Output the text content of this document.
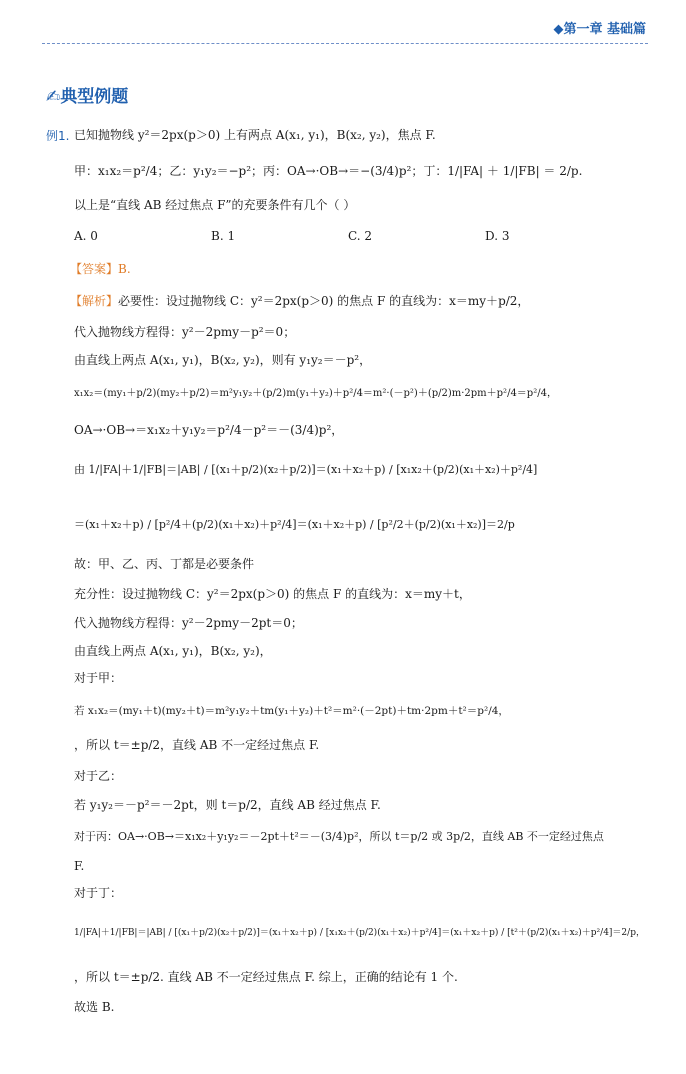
◆第一章 基础篇
✍典型例题
例1. 已知抛物线 y²＝2px(p＞0) 上有两点 A(x₁, y₁)，B(x₂, y₂)，焦点 F.
甲：x₁x₂＝p²/4；乙：y₁y₂＝−p²；丙：OA→·OB→＝−(3/4)p²；丁：1/|FA| ＋ 1/|FB| ＝ 2/p.
以上是“直线 AB 经过焦点 F”的充要条件有几个（ ）
A. 0	B. 1	C. 2	D. 3
【答案】B.
【解析】必要性：设过抛物线 C：y²＝2px(p＞0) 的焦点 F 的直线为：x＝my＋p/2，
代入抛物线方程得：y²－2pmy－p²＝0；
由直线上两点 A(x₁, y₁)，B(x₂, y₂)，则有 y₁y₂＝－p²，
x₁x₂＝(my₁＋p/2)(my₂＋p/2)＝m²y₁y₂＋(p/2)m(y₁＋y₂)＋p²/4＝m²·(－p²)＋(p/2)m·2pm＋p²/4＝p²/4，
OA→·OB→＝x₁x₂＋y₁y₂＝p²/4－p²＝－(3/4)p²，
由 1/|FA|＋1/|FB|＝|AB| / [(x₁＋p/2)(x₂＋p/2)]＝(x₁＋x₂＋p) / [x₁x₂＋(p/2)(x₁＋x₂)＋p²/4]
＝(x₁＋x₂＋p) / [p²/4＋(p/2)(x₁＋x₂)＋p²/4]＝(x₁＋x₂＋p) / [p²/2＋(p/2)(x₁＋x₂)]＝2/p
故：甲、乙、丙、丁都是必要条件
充分性：设过抛物线 C：y²＝2px(p＞0) 的焦点 F 的直线为：x＝my＋t，
代入抛物线方程得：y²－2pmy－2pt＝0；
由直线上两点 A(x₁, y₁)，B(x₂, y₂)，
对于甲：
若 x₁x₂＝(my₁＋t)(my₂＋t)＝m²y₁y₂＋tm(y₁＋y₂)＋t²＝m²·(－2pt)＋tm·2pm＋t²＝p²/4，
，所以 t＝±p/2，直线 AB 不一定经过焦点 F.
对于乙：
若 y₁y₂＝－p²＝－2pt，则 t＝p/2，直线 AB 经过焦点 F.
对于丙：OA→·OB→＝x₁x₂＋y₁y₂＝－2pt＋t²＝－(3/4)p²，所以 t＝p/2 或 3p/2，直线 AB 不一定经过焦点
F.
对于丁：
1/|FA|＋1/|FB|＝|AB| / [(x₁＋p/2)(x₂＋p/2)]＝(x₁＋x₂＋p) / [x₁x₂＋(p/2)(x₁＋x₂)＋p²/4]＝(x₁＋x₂＋p) / [t²＋(p/2)(x₁＋x₂)＋p²/4]＝2/p，
，所以 t＝±p/2. 直线 AB 不一定经过焦点 F. 综上，正确的结论有 1 个.
故选 B.
